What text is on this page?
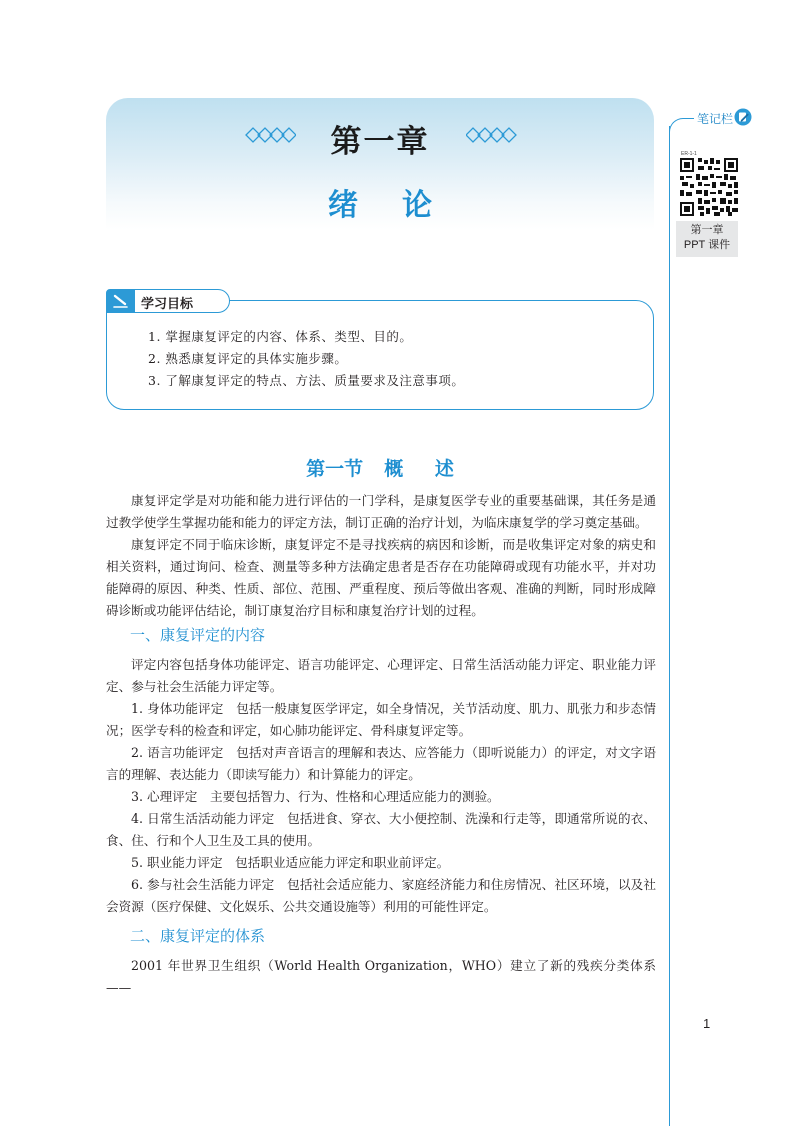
第一章
绪论
笔记栏
ER-1-1
第一章
PPT 课件
学习目标
1. 掌握康复评定的内容、体系、类型、目的。
2. 熟悉康复评定的具体实施步骤。
3. 了解康复评定的特点、方法、质量要求及注意事项。
第一节    概      述

康复评定学是对功能和能力进行评估的一门学科，是康复医学专业的重要基础课，其任务是通过教学使学生掌握功能和能力的评定方法，制订正确的治疗计划，为临床康复学的学习奠定基础。

康复评定不同于临床诊断，康复评定不是寻找疾病的病因和诊断，而是收集评定对象的病史和相关资料，通过询问、检查、测量等多种方法确定患者是否存在功能障碍或现有功能水平，并对功能障碍的原因、种类、性质、部位、范围、严重程度、预后等做出客观、准确的判断，同时形成障碍诊断或功能评估结论，制订康复治疗目标和康复治疗计划的过程。

一、康复评定的内容

评定内容包括身体功能评定、语言功能评定、心理评定、日常生活活动能力评定、职业能力评定、参与社会生活能力评定等。

1. 身体功能评定　包括一般康复医学评定，如全身情况，关节活动度、肌力、肌张力和步态情况；医学专科的检查和评定，如心肺功能评定、骨科康复评定等。

2. 语言功能评定　包括对声音语言的理解和表达、应答能力（即听说能力）的评定，对文字语言的理解、表达能力（即读写能力）和计算能力的评定。

3. 心理评定　主要包括智力、行为、性格和心理适应能力的测验。

4. 日常生活活动能力评定　包括进食、穿衣、大小便控制、洗澡和行走等，即通常所说的衣、食、住、行和个人卫生及工具的使用。

5. 职业能力评定　包括职业适应能力评定和职业前评定。

6. 参与社会生活能力评定　包括社会适应能力、家庭经济能力和住房情况、社区环境，以及社会资源（医疗保健、文化娱乐、公共交通设施等）利用的可能性评定。

二、康复评定的体系

2001 年世界卫生组织（World Health Organization，WHO）建立了新的残疾分类体系——

1
